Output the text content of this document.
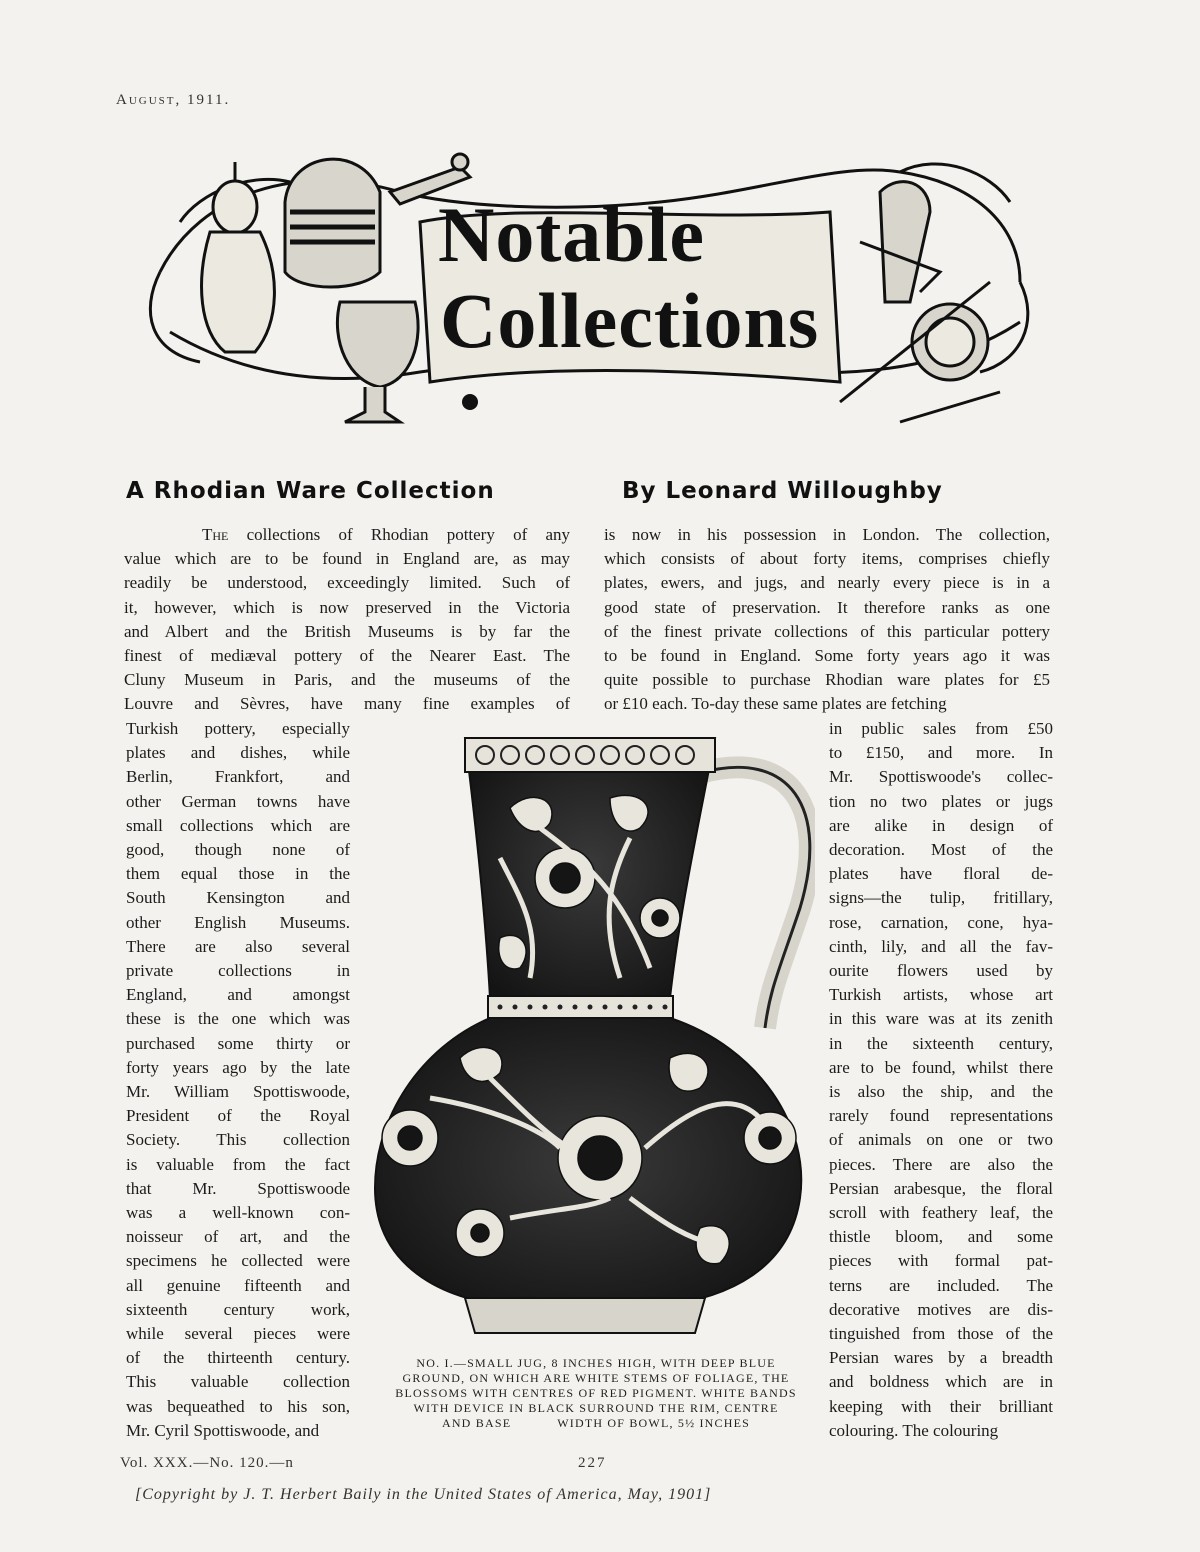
August, 1911.
Notable
Collections
A Rhodian Ware Collection	By Leonard Willoughby
The collections of Rhodian pottery of any
value which are to be found in England are, as may
readily be understood, exceedingly limited. Such of
it, however, which is now preserved in the Victoria
and Albert and the British Museums is by far the
finest of mediæval pottery of the Nearer East. The
Cluny Museum in Paris, and the museums of the
Louvre and Sèvres, have many fine examples of
Turkish pottery, especially
plates and dishes, while
Berlin, Frankfort, and
other German towns have
small collections which are
good, though none of
them equal those in the
South Kensington and
other English Museums.
There are also several
private collections in
England, and amongst
these is the one which was
purchased some thirty or
forty years ago by the late
Mr. William Spottiswoode,
President of the Royal
Society. This collection
is valuable from the fact
that Mr. Spottiswoode
was a well-known con-
noisseur of art, and the
specimens he collected were
all genuine fifteenth and
sixteenth century work,
while several pieces were
of the thirteenth century.
This valuable collection
was bequeathed to his son,
Mr. Cyril Spottiswoode, and
is now in his possession in London. The collection,
which consists of about forty items, comprises chiefly
plates, ewers, and jugs, and nearly every piece is in a
good state of preservation. It therefore ranks as one
of the finest private collections of this particular pottery
to be found in England. Some forty years ago it was
quite possible to purchase Rhodian ware plates for £5
or £10 each. To-day these same plates are fetching
in public sales from £50
to £150, and more. In
Mr. Spottiswoode's collec-
tion no two plates or jugs
are alike in design of
decoration. Most of the
plates have floral de-
signs—the tulip, fritillary,
rose, carnation, cone, hya-
cinth, lily, and all the fav-
ourite flowers used by
Turkish artists, whose art
in this ware was at its zenith
in the sixteenth century,
are to be found, whilst there
is also the ship, and the
rarely found representations
of animals on one or two
pieces. There are also the
Persian arabesque, the floral
scroll with feathery leaf, the
thistle bloom, and some
pieces with formal pat-
terns are included. The
decorative motives are dis-
tinguished from those of the
Persian wares by a breadth
and boldness which are in
keeping with their brilliant
colouring. The colouring
NO. I.—SMALL JUG, 8 INCHES HIGH, WITH DEEP BLUE
GROUND, ON WHICH ARE WHITE STEMS OF FOLIAGE, THE
BLOSSOMS WITH CENTRES OF RED PIGMENT. WHITE BANDS
WITH DEVICE IN BLACK SURROUND THE RIM, CENTRE
AND BASE	WIDTH OF BOWL, 5½ INCHES
Vol. XXX.—No. 120.—n	227
[Copyright by J. T. Herbert Baily in the United States of America, May, 1901]
